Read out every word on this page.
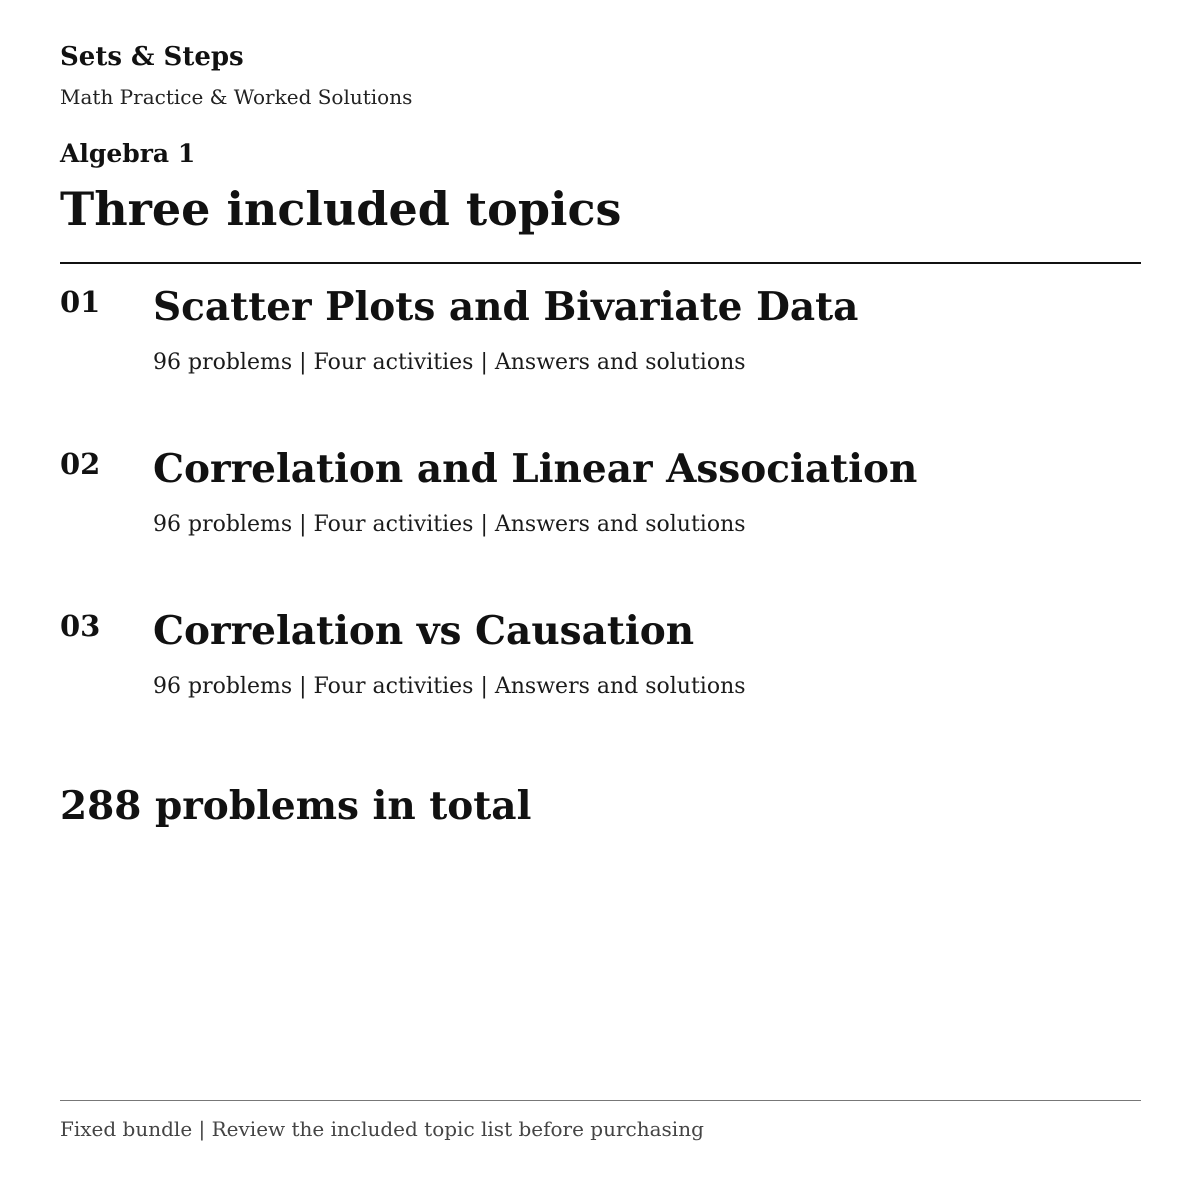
Sets & Steps
Math Practice & Worked Solutions
Algebra 1
Three included topics
01 Scatter Plots and Bivariate Data
96 problems | Four activities | Answers and solutions
02 Correlation and Linear Association
96 problems | Four activities | Answers and solutions
03 Correlation vs Causation
96 problems | Four activities | Answers and solutions
288 problems in total
Fixed bundle | Review the included topic list before purchasing
